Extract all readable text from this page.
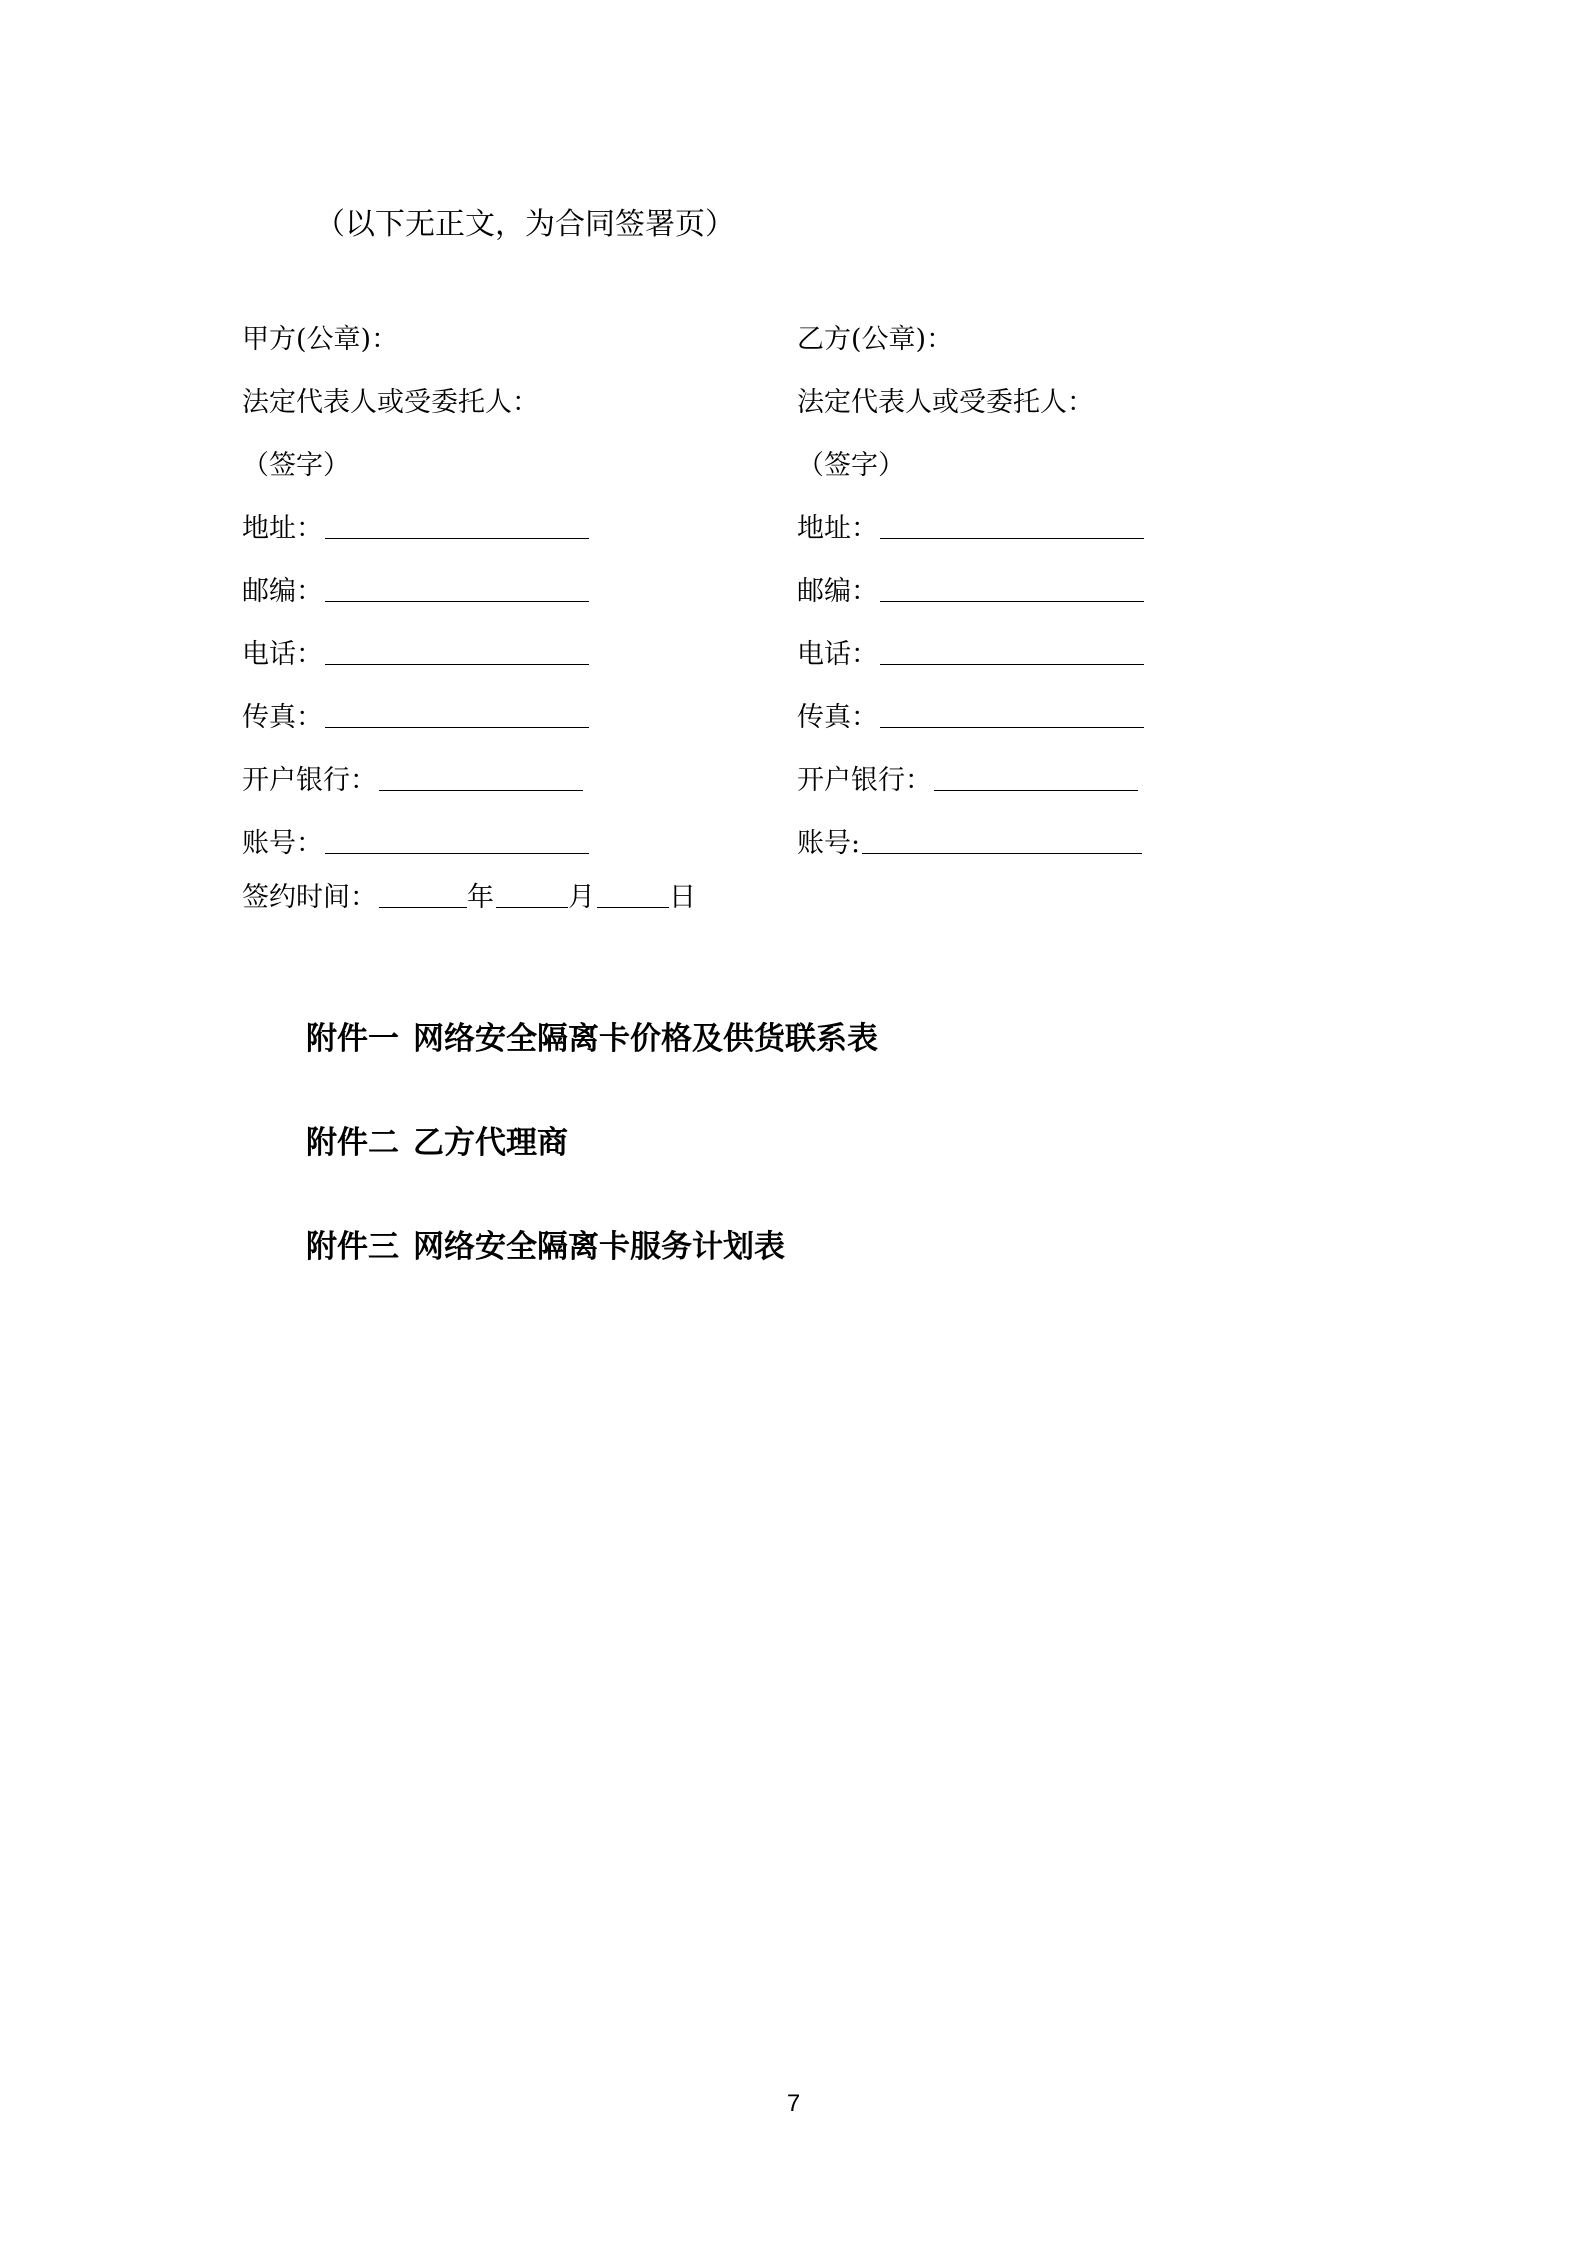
（以下无正文，为合同签署页）
甲方(公章)：
法定代表人或受委托人：
（签字）
地址：
邮编：
电话：
传真：
开户银行：
账号：
乙方(公章)：
法定代表人或受委托人：
（签字）
地址：
邮编：
电话：
传真：
开户银行：
账号:
签约时间：	年	月	日
附件一 网络安全隔离卡价格及供货联系表
附件二 乙方代理商
附件三 网络安全隔离卡服务计划表
7
